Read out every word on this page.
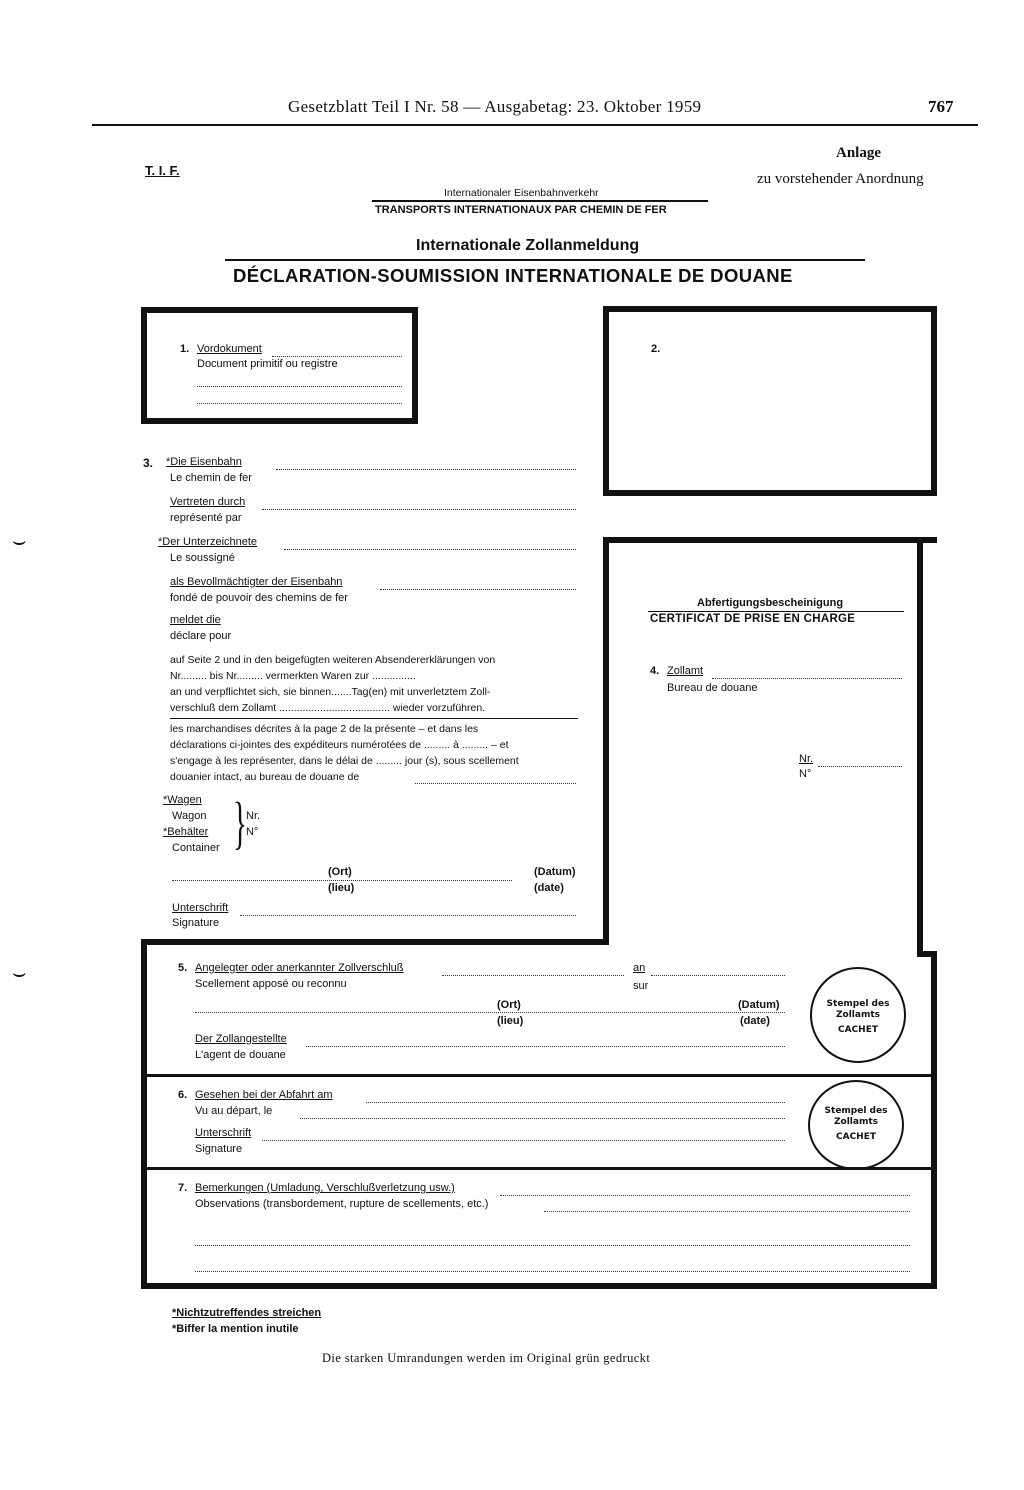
Gesetzblatt Teil I Nr. 58 — Ausgabetag: 23. Oktober 1959	767
T. I. F.
Anlage
zu vorstehender Anordnung
Internationaler Eisenbahnverkehr
TRANSPORTS INTERNATIONAUX PAR CHEMIN DE FER
Internationale Zollanmeldung
DÉCLARATION-SOUMISSION INTERNATIONALE DE DOUANE
1. Vordokument
Document primitif ou registre
2.
3. *Die Eisenbahn
Le chemin de fer
Vertreten durch
représenté par
*Der Unterzeichnete
Le soussigné
als Bevollmächtigter der Eisenbahn
fondé de pouvoir des chemins de fer
meldet die
déclare pour
auf Seite 2 und in den beigefügten weiteren Absendererklärungen von
Nr......... bis Nr......... vermerkten Waren zur ...............
an und verpflichtet sich, sie binnen.......Tag(en) mit unverletztem Zoll-
verschluß dem Zollamt ...................................... wieder vorzuführen.
les marchandises décrites à la page 2 de la présente – et dans les
déclarations ci-jointes des expéditeurs numérotées de ......... à ......... – et
s'engage à les représenter, dans le délai de ......... jour (s), sous scellement
douanier intact, au bureau de douane de
*Wagen
Wagon
*Behälter
Container } Nr.
N°
(Ort)
(lieu)
(Datum)
(date)
Unterschrift
Signature
Abfertigungsbescheinigung
CERTIFICAT DE PRISE EN CHARGE
4. Zollamt
Bureau de douane
Nr.
N°
5. Angelegter oder anerkannter Zollverschluß	an
Scellement apposé ou reconnu	sur
(Ort)	(Datum)
(lieu)	(date)
Der Zollangestellte
L'agent de douane
Stempel des
Zollamts
CACHET
6. Gesehen bei der Abfahrt am
Vu au départ, le
Unterschrift
Signature
Stempel des
Zollamts
CACHET
7. Bemerkungen (Umladung, Verschlußverletzung usw.)
Observations (transbordement, rupture de scellements, etc.)
*Nichtzutreffendes streichen
*Biffer la mention inutile
Die starken Umrandungen werden im Original grün gedruckt
⌣
⌣
